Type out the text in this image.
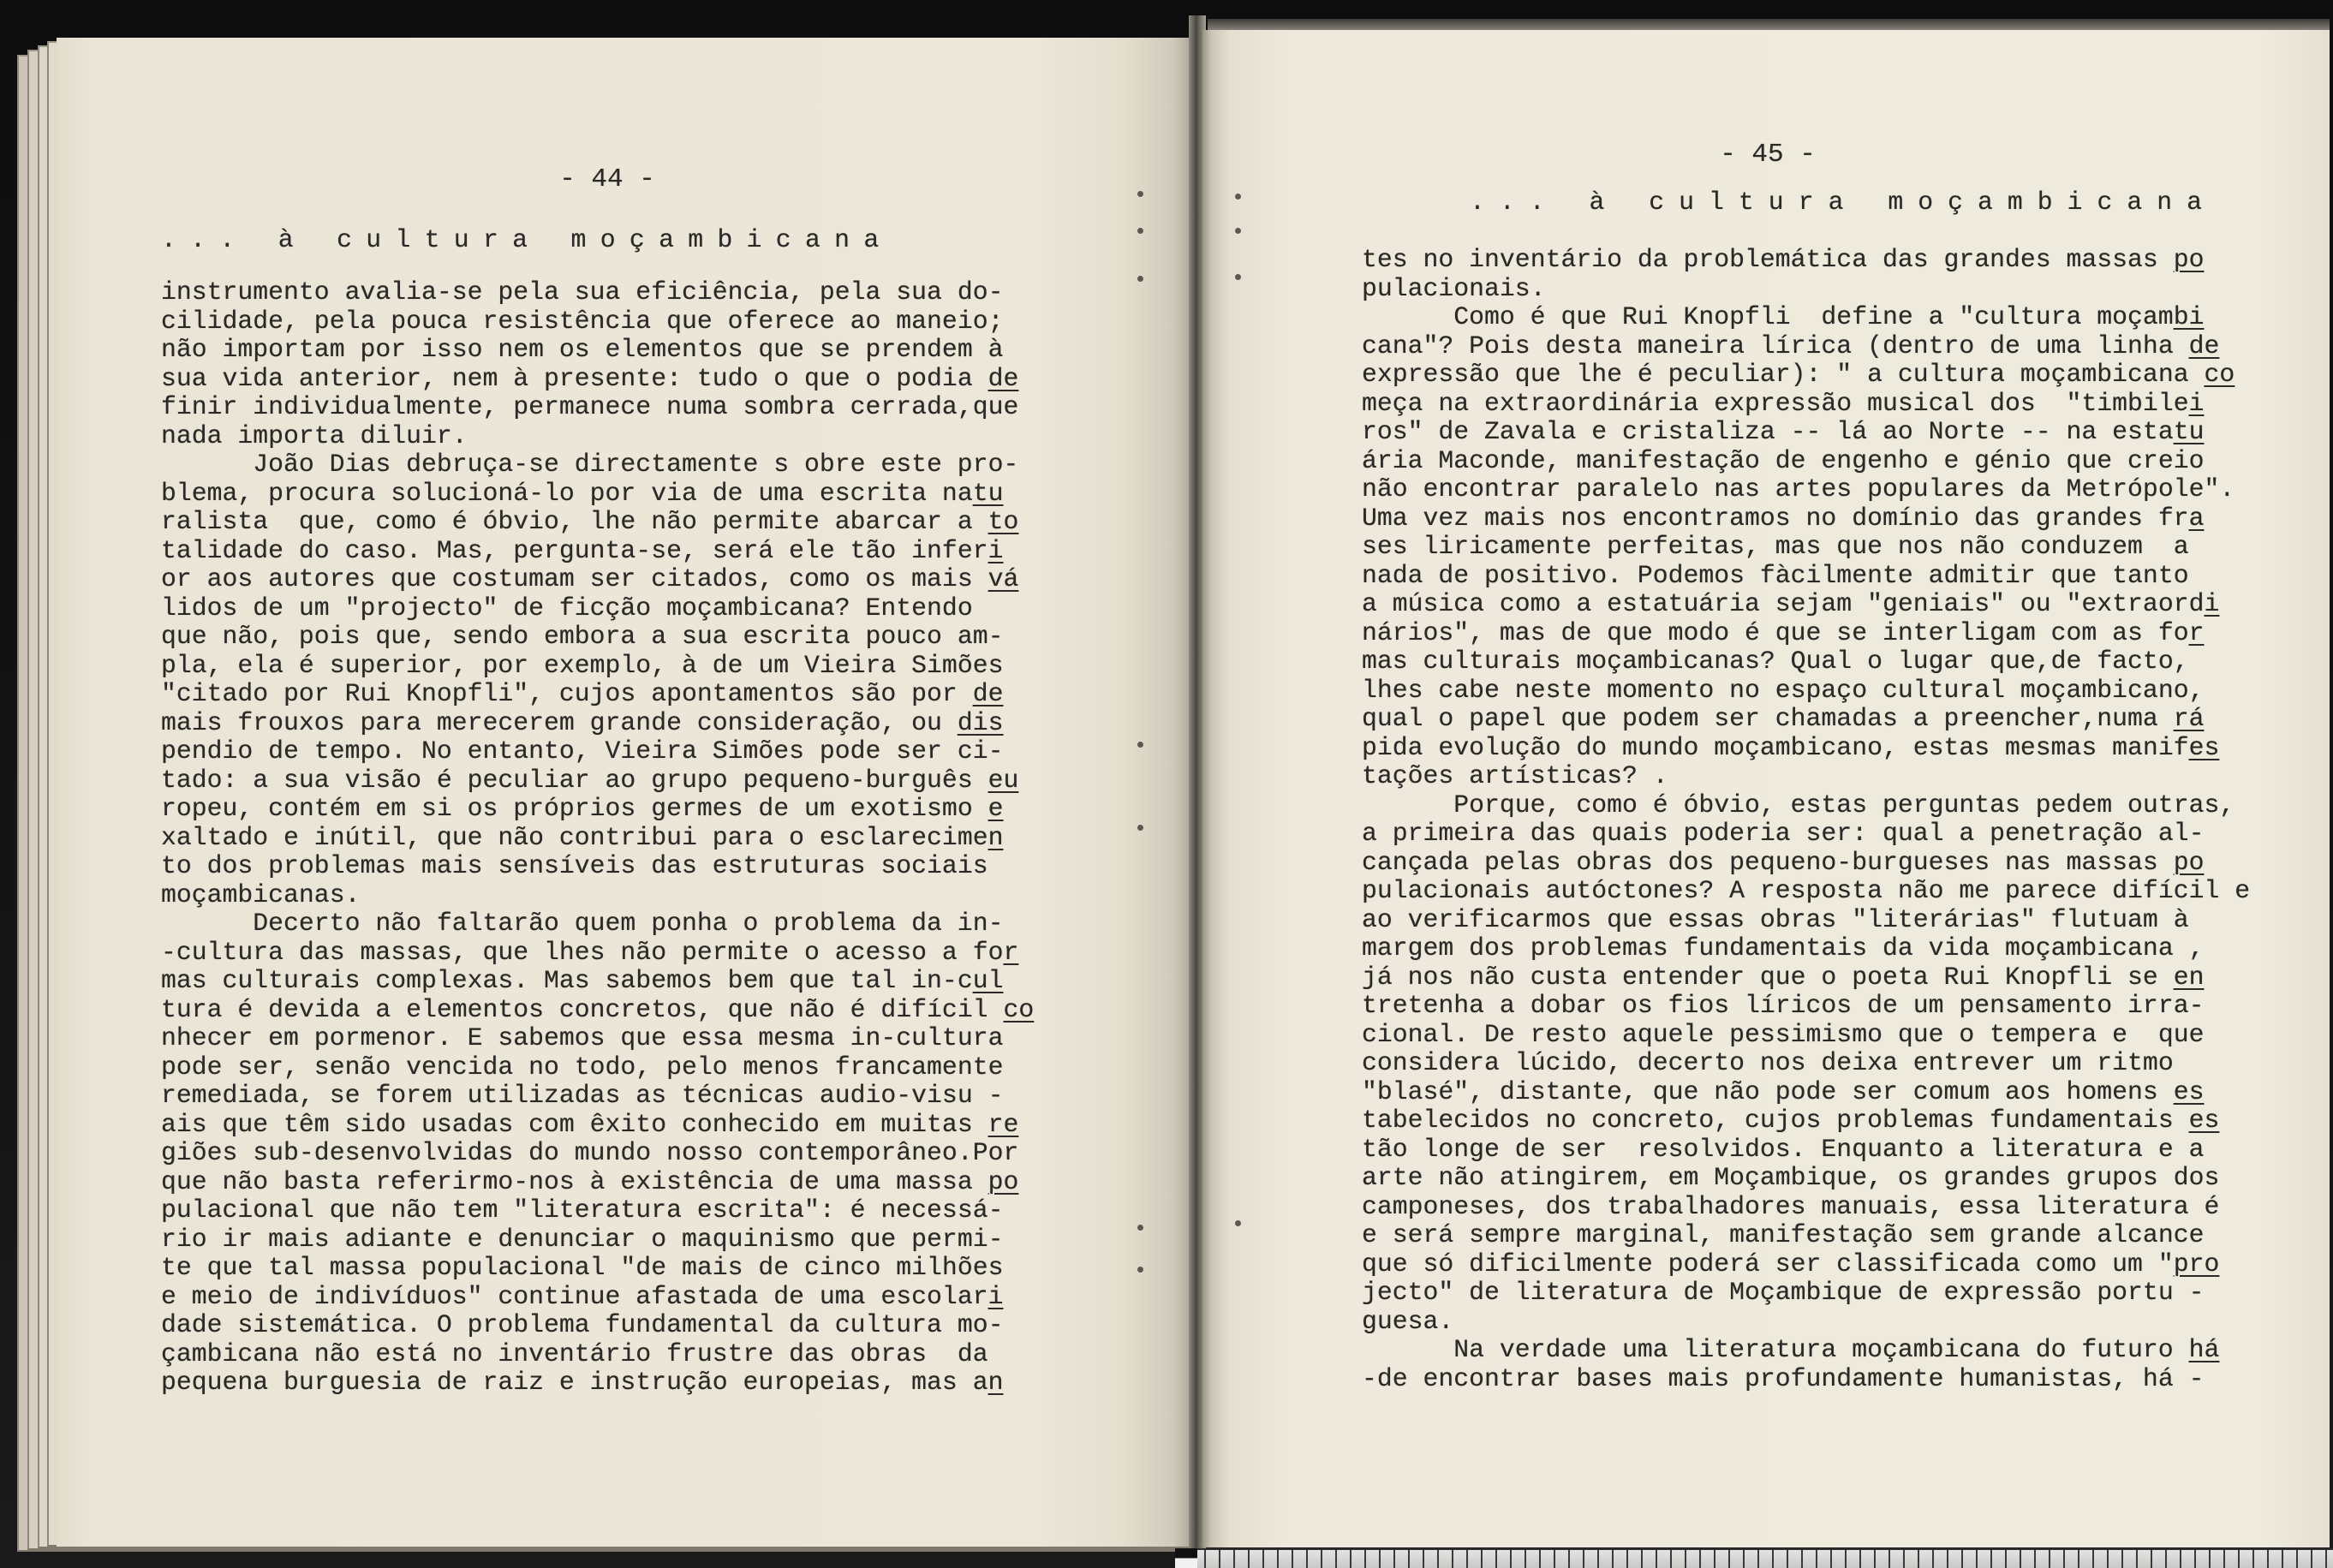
- 44 -
... à cultura moçambicana
instrumento avalia-se pela sua eficiência, pela sua do-
cilidade, pela pouca resistência que oferece ao maneio;
não importam por isso nem os elementos que se prendem à
sua vida anterior, nem à presente: tudo o que o podia de
finir individualmente, permanece numa sombra cerrada,que
nada importa diluir.
João Dias debruça-se directamente s obre este pro-
blema, procura solucioná-lo por via de uma escrita natu
ralista  que, como é óbvio, lhe não permite abarcar a to
talidade do caso. Mas, pergunta-se, será ele tão inferi
or aos autores que costumam ser citados, como os mais vá
lidos de um "projecto" de ficção moçambicana? Entendo
que não, pois que, sendo embora a sua escrita pouco am-
pla, ela é superior, por exemplo, à de um Vieira Simões
"citado por Rui Knopfli", cujos apontamentos são por de
mais frouxos para merecerem grande consideração, ou dis
pendio de tempo. No entanto, Vieira Simões pode ser ci-
tado: a sua visão é peculiar ao grupo pequeno-burguês eu
ropeu, contém em si os próprios germes de um exotismo e
xaltado e inútil, que não contribui para o esclarecimen
to dos problemas mais sensíveis das estruturas sociais
moçambicanas.
Decerto não faltarão quem ponha o problema da in-
-cultura das massas, que lhes não permite o acesso a for
mas culturais complexas. Mas sabemos bem que tal in-cul
tura é devida a elementos concretos, que não é difícil co
nhecer em pormenor. E sabemos que essa mesma in-cultura
pode ser, senão vencida no todo, pelo menos francamente
remediada, se forem utilizadas as técnicas audio-visu -
ais que têm sido usadas com êxito conhecido em muitas re
giões sub-desenvolvidas do mundo nosso contemporâneo.Por
que não basta referirmo-nos à existência de uma massa po
pulacional que não tem "literatura escrita": é necessá-
rio ir mais adiante e denunciar o maquinismo que permi-
te que tal massa populacional "de mais de cinco milhões
e meio de indivíduos" continue afastada de uma escolari
dade sistemática. O problema fundamental da cultura mo-
çambicana não está no inventário frustre das obras  da
pequena burguesia de raiz e instrução europeias, mas an
- 45 -
... à cultura moçambicana
tes no inventário da problemática das grandes massas po
pulacionais.
Como é que Rui Knopfli  define a "cultura moçambi
cana"? Pois desta maneira lírica (dentro de uma linha de
expressão que lhe é peculiar): " a cultura moçambicana co
meça na extraordinária expressão musical dos  "timbilei
ros" de Zavala e cristaliza -- lá ao Norte -- na estatu
ária Maconde, manifestação de engenho e génio que creio
não encontrar paralelo nas artes populares da Metrópole".
Uma vez mais nos encontramos no domínio das grandes fra
ses liricamente perfeitas, mas que nos não conduzem  a
nada de positivo. Podemos fàcilmente admitir que tanto
a música como a estatuária sejam "geniais" ou "extraordi
nários", mas de que modo é que se interligam com as for
mas culturais moçambicanas? Qual o lugar que,de facto,
lhes cabe neste momento no espaço cultural moçambicano,
qual o papel que podem ser chamadas a preencher,numa rá
pida evolução do mundo moçambicano, estas mesmas manifes
tações artísticas? .
Porque, como é óbvio, estas perguntas pedem outras,
a primeira das quais poderia ser: qual a penetração al-
cançada pelas obras dos pequeno-burgueses nas massas po
pulacionais autóctones? A resposta não me parece difícil e
ao verificarmos que essas obras "literárias" flutuam à
margem dos problemas fundamentais da vida moçambicana ,
já nos não custa entender que o poeta Rui Knopfli se en
tretenha a dobar os fios líricos de um pensamento irra-
cional. De resto aquele pessimismo que o tempera e  que
considera lúcido, decerto nos deixa entrever um ritmo
"blasé", distante, que não pode ser comum aos homens es
tabelecidos no concreto, cujos problemas fundamentais es
tão longe de ser  resolvidos. Enquanto a literatura e a
arte não atingirem, em Moçambique, os grandes grupos dos
camponeses, dos trabalhadores manuais, essa literatura é
e será sempre marginal, manifestação sem grande alcance
que só dificilmente poderá ser classificada como um "pro
jecto" de literatura de Moçambique de expressão portu -
guesa.
Na verdade uma literatura moçambicana do futuro há
-de encontrar bases mais profundamente humanistas, há -
